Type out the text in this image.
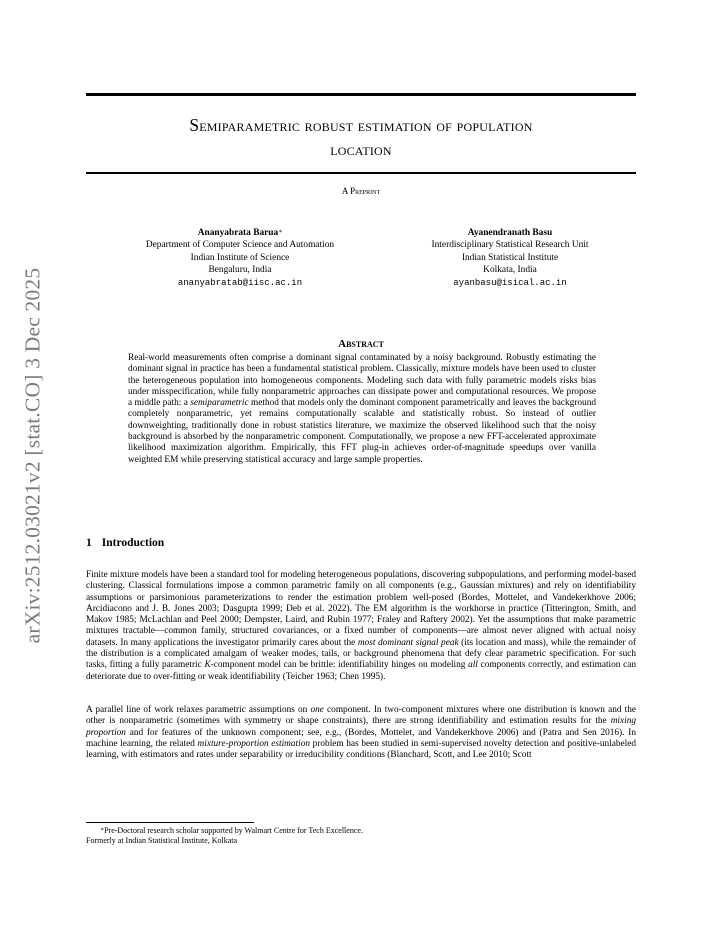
arXiv:2512.03021v2 [stat.CO] 3 Dec 2025
Semiparametric robust estimation of population
location
A Preprint
Ananyabrata Barua∗
Department of Computer Science and Automation
Indian Institute of Science
Bengaluru, India
ananyabratab@iisc.ac.in
Ayanendranath Basu
Interdisciplinary Statistical Research Unit
Indian Statistical Institute
Kolkata, India
ayanbasu@isical.ac.in
Abstract
Real-world measurements often comprise a dominant signal contaminated by a noisy background. Robustly estimating the dominant signal in practice has been a fundamental statistical problem. Classically, mixture models have been used to cluster the heterogeneous population into homogeneous components. Modeling such data with fully parametric models risks bias under misspecification, while fully nonparametric approaches can dissipate power and computational resources. We propose a middle path: a semiparametric method that models only the dominant component parametrically and leaves the background completely nonparametric, yet remains computationally scalable and statistically robust. So instead of outlier downweighting, traditionally done in robust statistics literature, we maximize the observed likelihood such that the noisy background is absorbed by the nonparametric component. Computationally, we propose a new FFT-accelerated approximate likelihood maximization algorithm. Empirically, this FFT plug-in achieves order-of-magnitude speedups over vanilla weighted EM while preserving statistical accuracy and large sample properties.
1 Introduction
Finite mixture models have been a standard tool for modeling heterogeneous populations, discovering subpopulations, and performing model-based clustering. Classical formulations impose a common parametric family on all components (e.g., Gaussian mixtures) and rely on identifiability assumptions or parsimonious parameterizations to render the estimation problem well-posed (Bordes, Mottelet, and Vandekerkhove 2006; Arcidiacono and J. B. Jones 2003; Dasgupta 1999; Deb et al. 2022). The EM algorithm is the workhorse in practice (Titterington, Smith, and Makov 1985; McLachlan and Peel 2000; Dempster, Laird, and Rubin 1977; Fraley and Raftery 2002). Yet the assumptions that make parametric mixtures tractable—common family, structured covariances, or a fixed number of components—are almost never aligned with actual noisy datasets. In many applications the investigator primarily cares about the most dominant signal peak (its location and mass), while the remainder of the distribution is a complicated amalgam of weaker modes, tails, or background phenomena that defy clear parametric specification. For such tasks, fitting a fully parametric K-component model can be brittle: identifiability hinges on modeling all components correctly, and estimation can deteriorate due to over-fitting or weak identifiability (Teicher 1963; Chen 1995).
A parallel line of work relaxes parametric assumptions on one component. In two-component mixtures where one distribution is known and the other is nonparametric (sometimes with symmetry or shape constraints), there are strong identifiability and estimation results for the mixing proportion and for features of the unknown component; see, e.g., (Bordes, Mottelet, and Vandekerkhove 2006) and (Patra and Sen 2016). In machine learning, the related mixture-proportion estimation problem has been studied in semi-supervised novelty detection and positive-unlabeled learning, with estimators and rates under separability or irreducibility conditions (Blanchard, Scott, and Lee 2010; Scott
∗Pre-Doctoral research scholar supported by Walmart Centre for Tech Excellence.
Formerly at Indian Statistical Institute, Kolkata
